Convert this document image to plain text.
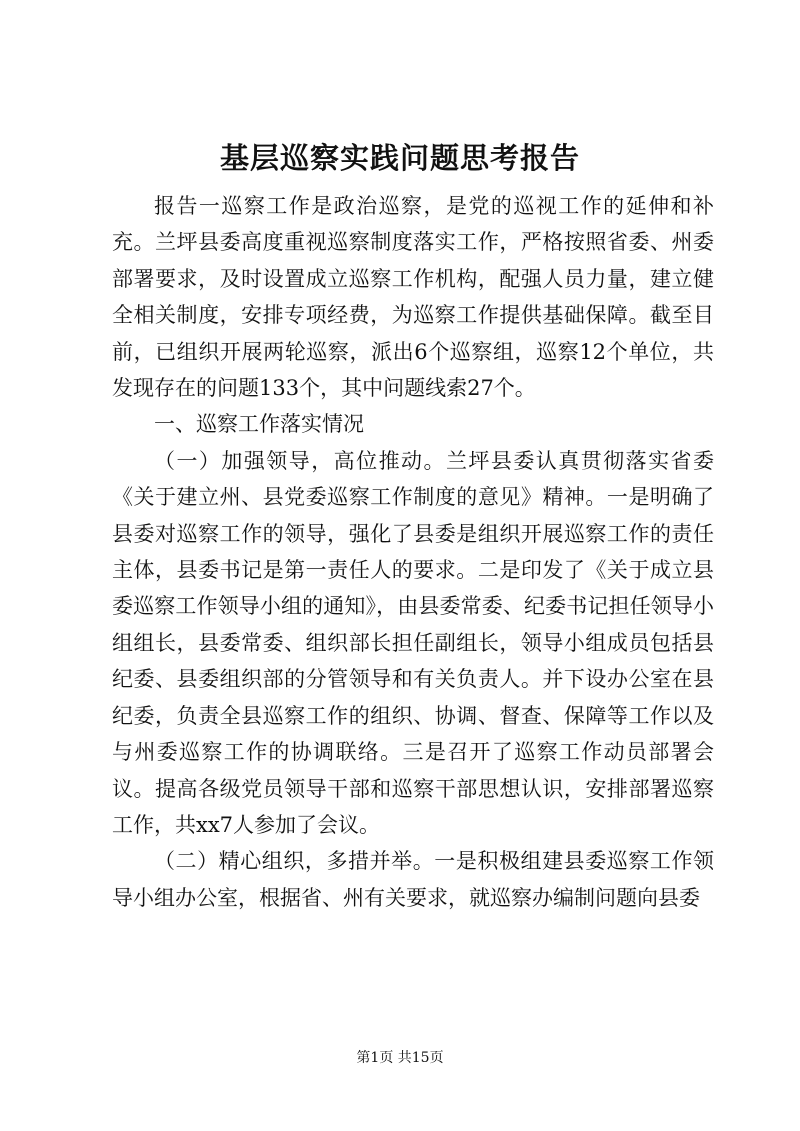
基层巡察实践问题思考报告

报告一巡察工作是政治巡察，是党的巡视工作的延伸和补充。兰坪县委高度重视巡察制度落实工作，严格按照省委、州委部署要求，及时设置成立巡察工作机构，配强人员力量，建立健全相关制度，安排专项经费，为巡察工作提供基础保障。截至目前，已组织开展两轮巡察，派出6个巡察组，巡察12个单位，共发现存在的问题133个，其中问题线索27个。

一、巡察工作落实情况

（一）加强领导，高位推动。兰坪县委认真贯彻落实省委《关于建立州、县党委巡察工作制度的意见》精神。一是明确了县委对巡察工作的领导，强化了县委是组织开展巡察工作的责任主体，县委书记是第一责任人的要求。二是印发了《关于成立县委巡察工作领导小组的通知》，由县委常委、纪委书记担任领导小组组长，县委常委、组织部长担任副组长，领导小组成员包括县纪委、县委组织部的分管领导和有关负责人。并下设办公室在县纪委，负责全县巡察工作的组织、协调、督查、保障等工作以及与州委巡察工作的协调联络。三是召开了巡察工作动员部署会议。提高各级党员领导干部和巡察干部思想认识，安排部署巡察工作，共xx7人参加了会议。

（二）精心组织，多措并举。一是积极组建县委巡察工作领导小组办公室，根据省、州有关要求，就巡察办编制问题向县委

第1页 共15页
